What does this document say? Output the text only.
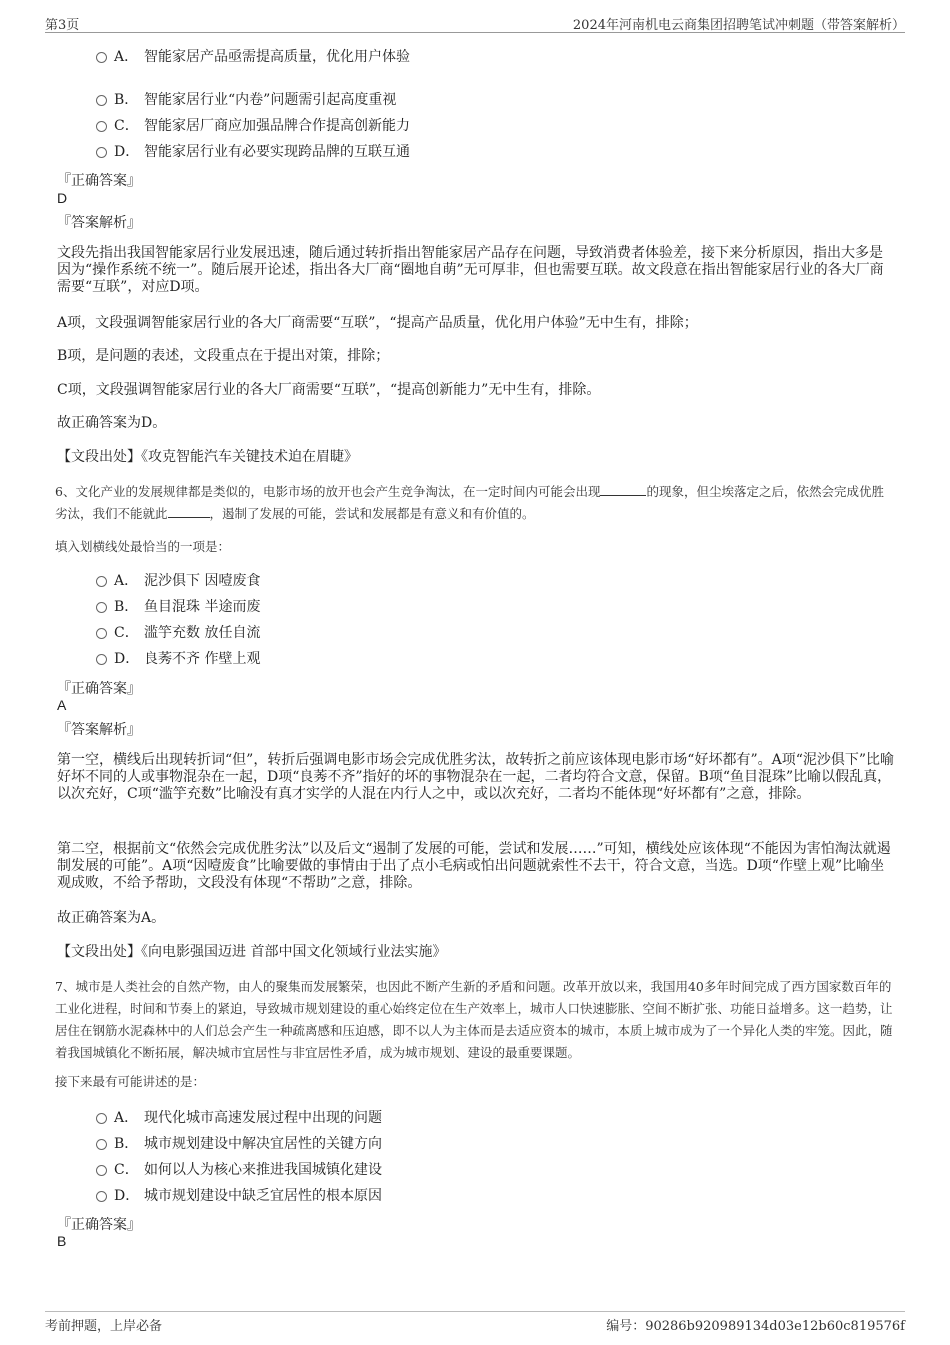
第3页	2024年河南机电云商集团招聘笔试冲刺题（带答案解析）
A． 智能家居产品亟需提高质量，优化用户体验
B． 智能家居行业“内卷”问题需引起高度重视
C． 智能家居厂商应加强品牌合作提高创新能力
D． 智能家居行业有必要实现跨品牌的互联互通
『正确答案』
D
『答案解析』
文段先指出我国智能家居行业发展迅速，随后通过转折指出智能家居产品存在问题，导致消费者体验差，接下来分析原因，指出大多是因为“操作系统不统一”。随后展开论述，指出各大厂商“圈地自萌”无可厚非，但也需要互联。故文段意在指出智能家居行业的各大厂商需要“互联”，对应D项。
A项，文段强调智能家居行业的各大厂商需要“互联”，“提高产品质量，优化用户体验”无中生有，排除；
B项，是问题的表述，文段重点在于提出对策，排除；
C项，文段强调智能家居行业的各大厂商需要“互联”，“提高创新能力”无中生有，排除。
故正确答案为D。
【文段出处】《攻克智能汽车关键技术迫在眉睫》
6、文化产业的发展规律都是类似的，电影市场的放开也会产生竞争淘汰，在一定时间内可能会出现	的现象，但尘埃落定之后，依然会完成优胜劣汰，我们不能就此	，遏制了发展的可能，尝试和发展都是有意义和有价值的。
填入划横线处最恰当的一项是：
A． 泥沙俱下 因噎废食
B． 鱼目混珠 半途而废
C． 滥竽充数 放任自流
D． 良莠不齐 作壁上观
『正确答案』
A
『答案解析』
第一空，横线后出现转折词“但”，转折后强调电影市场会完成优胜劣汰，故转折之前应该体现电影市场“好坏都有”。A项“泥沙俱下”比喻好坏不同的人或事物混杂在一起，D项“良莠不齐”指好的坏的事物混杂在一起，二者均符合文意，保留。B项“鱼目混珠”比喻以假乱真，以次充好，C项“滥竽充数”比喻没有真才实学的人混在内行人之中，或以次充好，二者均不能体现“好坏都有”之意，排除。
第二空，根据前文“依然会完成优胜劣汰”以及后文“遏制了发展的可能，尝试和发展……”可知，横线处应该体现“不能因为害怕淘汰就遏制发展的可能”。A项“因噎废食”比喻要做的事情由于出了点小毛病或怕出问题就索性不去干，符合文意，当选。D项“作壁上观”比喻坐观成败，不给予帮助，文段没有体现“不帮助”之意，排除。
故正确答案为A。
【文段出处】《向电影强国迈进 首部中国文化领域行业法实施》
7、城市是人类社会的自然产物，由人的聚集而发展繁荣，也因此不断产生新的矛盾和问题。改革开放以来，我国用40多年时间完成了西方国家数百年的工业化进程，时间和节奏上的紧迫，导致城市规划建设的重心始终定位在生产效率上，城市人口快速膨胀、空间不断扩张、功能日益增多。这一趋势，让居住在钢筋水泥森林中的人们总会产生一种疏离感和压迫感，即不以人为主体而是去适应资本的城市，本质上城市成为了一个异化人类的牢笼。因此，随着我国城镇化不断拓展，解决城市宜居性与非宜居性矛盾，成为城市规划、建设的最重要课题。
接下来最有可能讲述的是：
A． 现代化城市高速发展过程中出现的问题
B． 城市规划建设中解决宜居性的关键方向
C． 如何以人为核心来推进我国城镇化建设
D． 城市规划建设中缺乏宜居性的根本原因
『正确答案』
B
考前押题，上岸必备	编号：90286b920989134d03e12b60c819576f
